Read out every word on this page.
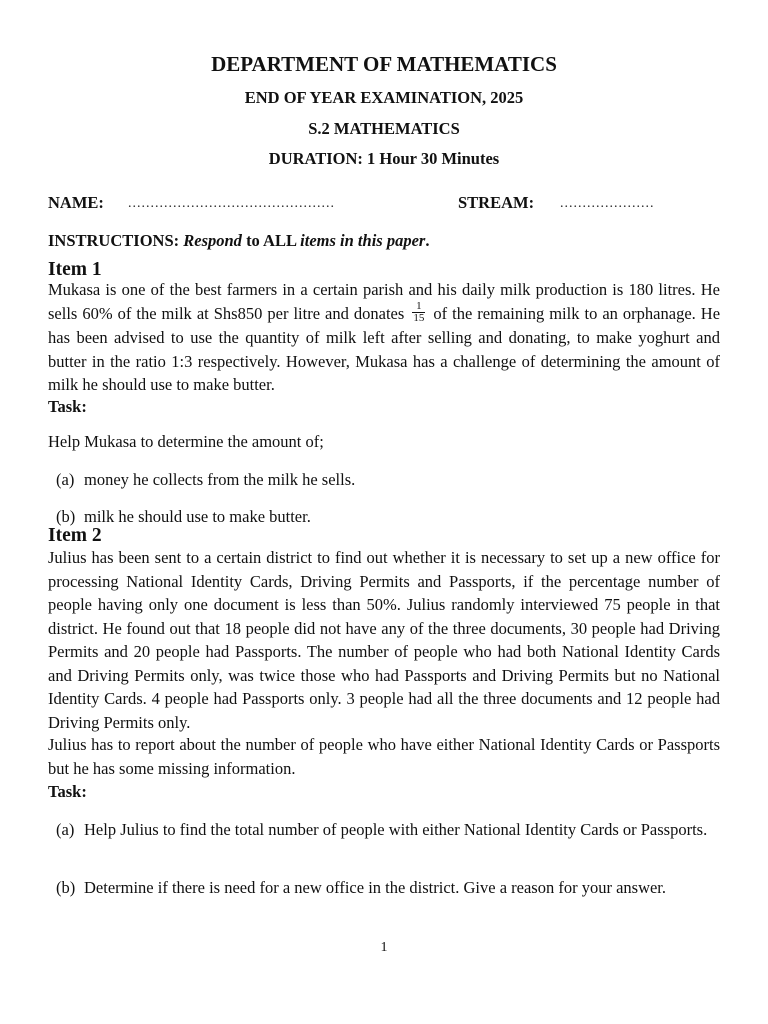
DEPARTMENT OF MATHEMATICS
END OF YEAR EXAMINATION, 2025
S.2 MATHEMATICS
DURATION: 1 Hour 30 Minutes
NAME: ..............................................	STREAM: .....................
INSTRUCTIONS: Respond to ALL items in this paper.
Item 1
Mukasa is one of the best farmers in a certain parish and his daily milk production is 180 litres. He sells 60% of the milk at Shs850 per litre and donates $\frac{1}{15}$ of the remaining milk to an orphanage. He has been advised to use the quantity of milk left after selling and donating, to make yoghurt and butter in the ratio 1:3 respectively. However, Mukasa has a challenge of determining the amount of milk he should use to make butter.
Task:
Help Mukasa to determine the amount of;
(a) money he collects from the milk he sells.
(b) milk he should use to make butter.
Item 2
Julius has been sent to a certain district to find out whether it is necessary to set up a new office for processing National Identity Cards, Driving Permits and Passports, if the percentage number of people having only one document is less than 50%. Julius randomly interviewed 75 people in that district. He found out that 18 people did not have any of the three documents, 30 people had Driving Permits and 20 people had Passports. The number of people who had both National Identity Cards and Driving Permits only, was twice those who had Passports and Driving Permits but no National Identity Cards. 4 people had Passports only. 3 people had all the three documents and 12 people had Driving Permits only.
Julius has to report about the number of people who have either National Identity Cards or Passports but he has some missing information.
Task:
(a) Help Julius to find the total number of people with either National Identity Cards or Passports.
(b) Determine if there is need for a new office in the district. Give a reason for your answer.
1
